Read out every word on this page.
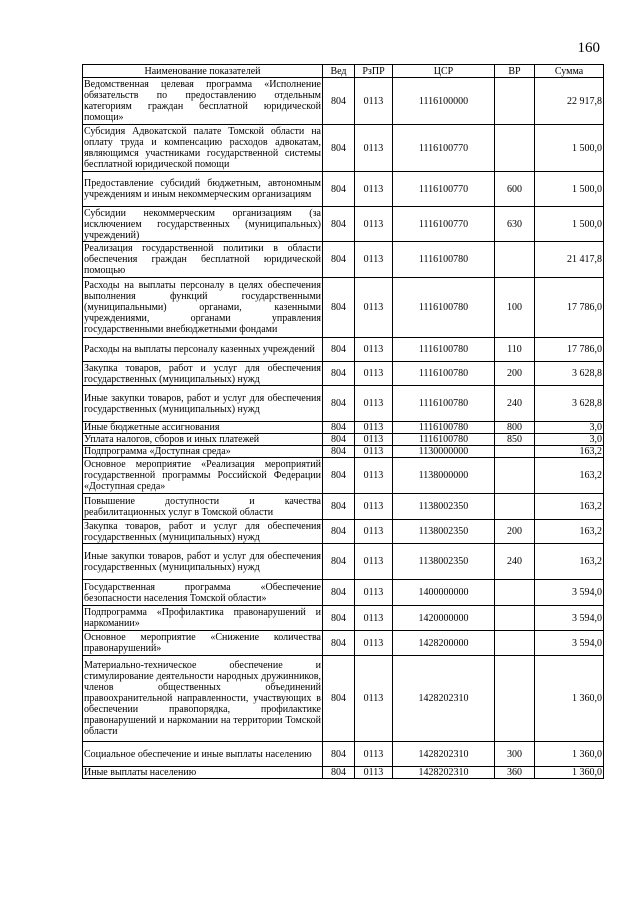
160
Наименование показателей	Вед	РзПР	ЦСР	ВР	Сумма
Ведомственная целевая программа «Исполнение обязательств по предоставлению отдельным категориям граждан бесплатной юридической помощи»	804	0113	1116100000		22 917,8
Субсидия Адвокатской палате Томской области на оплату труда и компенсацию расходов адвокатам, являющимся участниками государственной системы бесплатной юридической помощи	804	0113	1116100770		1 500,0
Предоставление субсидий бюджетным, автономным учреждениям и иным некоммерческим организациям	804	0113	1116100770	600	1 500,0
Субсидии некоммерческим организациям (за исключением государственных (муниципальных) учреждений)	804	0113	1116100770	630	1 500,0
Реализация государственной политики в области обеспечения граждан бесплатной юридической помощью	804	0113	1116100780		21 417,8
Расходы на выплаты персоналу в целях обеспечения выполнения функций государственными (муниципальными) органами, казенными учреждениями, органами управления государственными внебюджетными фондами	804	0113	1116100780	100	17 786,0
Расходы на выплаты персоналу казенных учреждений	804	0113	1116100780	110	17 786,0
Закупка товаров, работ и услуг для обеспечения государственных (муниципальных) нужд	804	0113	1116100780	200	3 628,8
Иные закупки товаров, работ и услуг для обеспечения государственных (муниципальных) нужд	804	0113	1116100780	240	3 628,8
Иные бюджетные ассигнования	804	0113	1116100780	800	3,0
Уплата налогов, сборов и иных платежей	804	0113	1116100780	850	3,0
Подпрограмма «Доступная среда»	804	0113	1130000000		163,2
Основное мероприятие «Реализация мероприятий государственной программы Российской Федерации «Доступная среда»	804	0113	1138000000		163,2
Повышение доступности и качества реабилитационных услуг в Томской области	804	0113	1138002350		163,2
Закупка товаров, работ и услуг для обеспечения государственных (муниципальных) нужд	804	0113	1138002350	200	163,2
Иные закупки товаров, работ и услуг для обеспечения государственных (муниципальных) нужд	804	0113	1138002350	240	163,2
Государственная программа «Обеспечение безопасности населения Томской области»	804	0113	1400000000		3 594,0
Подпрограмма «Профилактика правонарушений и наркомании»	804	0113	1420000000		3 594,0
Основное мероприятие «Снижение количества правонарушений»	804	0113	1428200000		3 594,0
Материально-техническое обеспечение и стимулирование деятельности народных дружинников, членов общественных объединений правоохранительной направленности, участвующих в обеспечении правопорядка, профилактике правонарушений и наркомании на территории Томской области	804	0113	1428202310		1 360,0
Социальное обеспечение и иные выплаты населению	804	0113	1428202310	300	1 360,0
Иные выплаты населению	804	0113	1428202310	360	1 360,0
